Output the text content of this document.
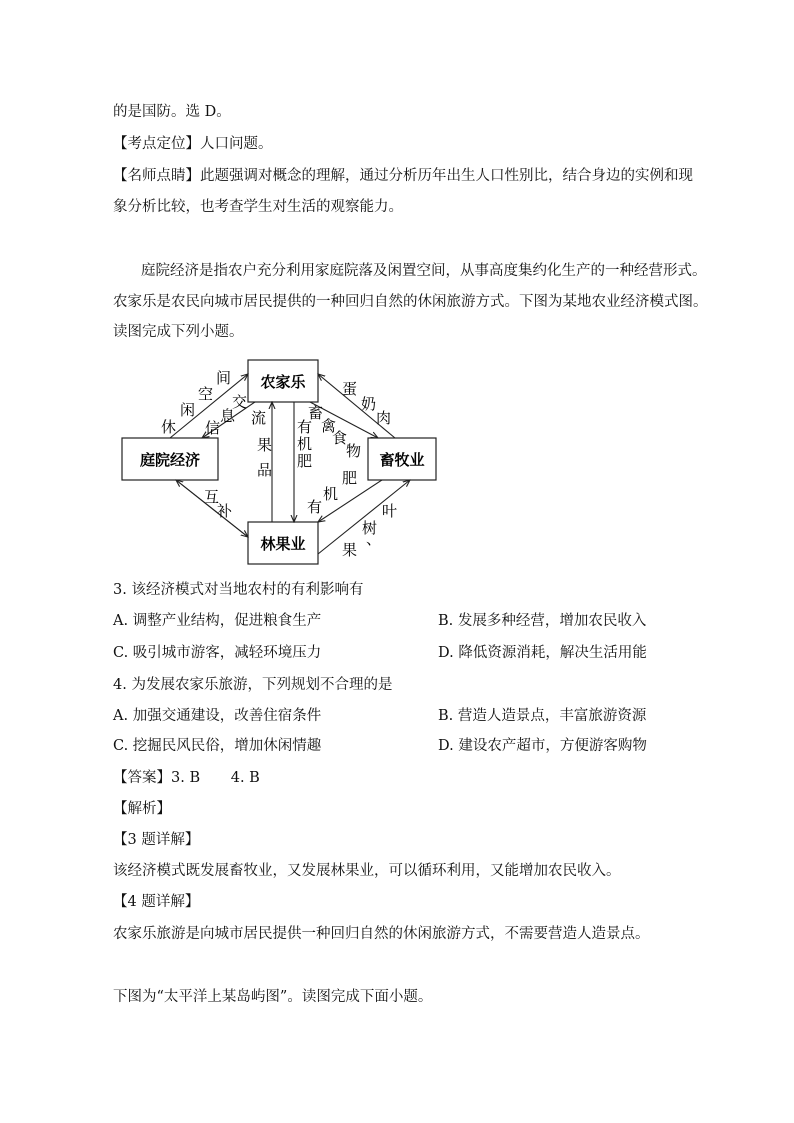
的是国防。选 D。
【考点定位】人口问题。
【名师点睛】此题强调对概念的理解，通过分析历年出生人口性别比，结合身边的实例和现
象分析比较，也考查学生对生活的观察能力。
庭院经济是指农户充分利用家庭院落及闲置空间，从事高度集约化生产的一种经营形式。
农家乐是农民向城市居民提供的一种回归自然的休闲旅游方式。下图为某地农业经济模式图。
读图完成下列小题。
农家乐
庭院经济	畜牧业
林果业
休
闲
空
间
蛋
奶
肉
信
息
交
流
果
品
有
机
肥
畜
禽
食
物
肥
机
有
互
补	叶
树
、
果
3. 该经济模式对当地农村的有利影响有
A. 调整产业结构，促进粮食生产	B. 发展多种经营，增加农民收入
C. 吸引城市游客，减轻环境压力	D. 降低资源消耗，解决生活用能
4. 为发展农家乐旅游，下列规划不合理的是
A. 加强交通建设，改善住宿条件	B. 营造人造景点，丰富旅游资源
C. 挖掘民风民俗，增加休闲情趣	D. 建设农产超市，方便游客购物
【答案】3. B 4. B
【解析】
【3 题详解】
该经济模式既发展畜牧业，又发展林果业，可以循环利用，又能增加农民收入。
【4 题详解】
农家乐旅游是向城市居民提供一种回归自然的休闲旅游方式，不需要营造人造景点。
下图为“太平洋上某岛屿图”。读图完成下面小题。
